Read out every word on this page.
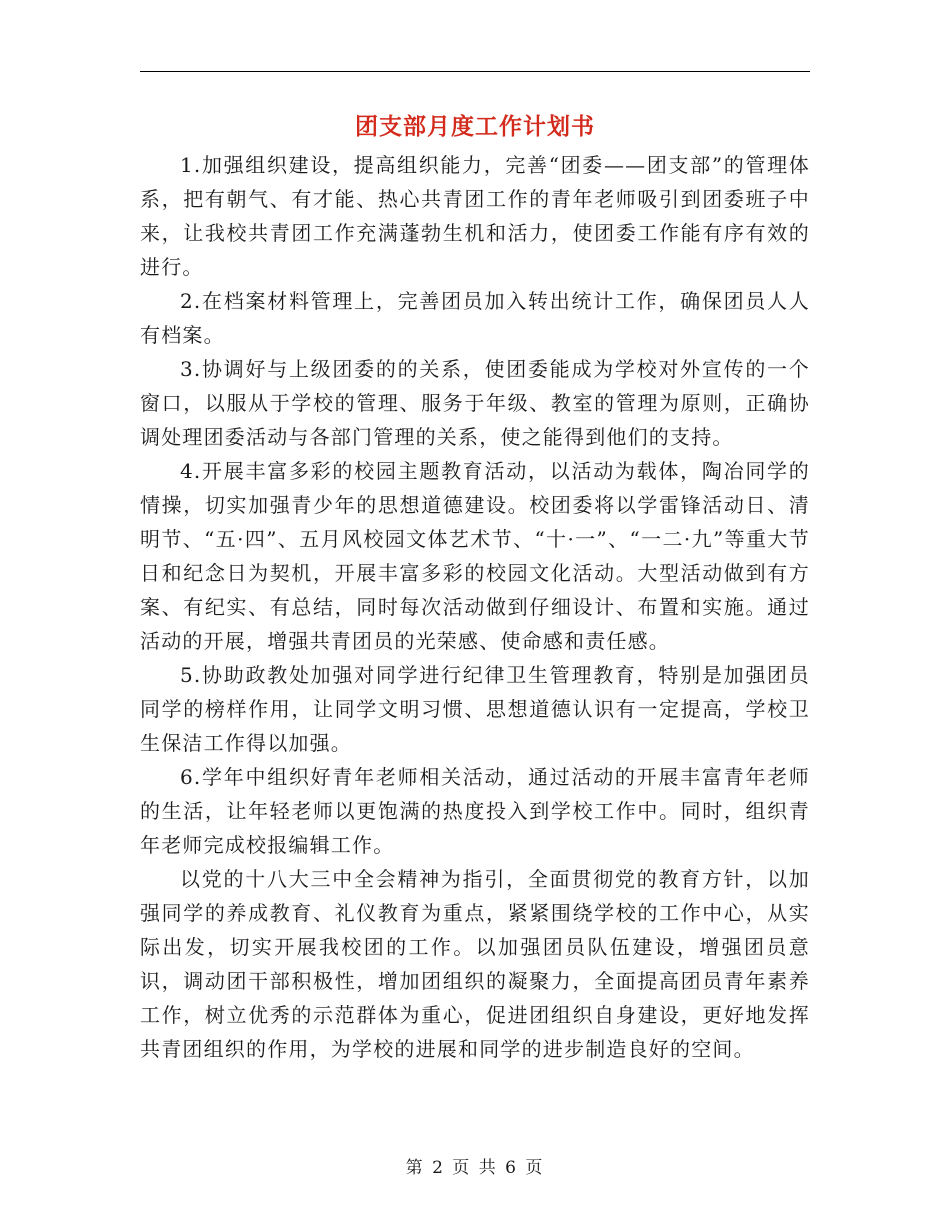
团支部月度工作计划书

1.加强组织建设，提高组织能力，完善“团委——团支部”的管理体系，把有朝气、有才能、热心共青团工作的青年老师吸引到团委班子中来，让我校共青团工作充满蓬勃生机和活力，使团委工作能有序有效的进行。

2.在档案材料管理上，完善团员加入转出统计工作，确保团员人人有档案。

3.协调好与上级团委的的关系，使团委能成为学校对外宣传的一个窗口，以服从于学校的管理、服务于年级、教室的管理为原则，正确协调处理团委活动与各部门管理的关系，使之能得到他们的支持。

4.开展丰富多彩的校园主题教育活动，以活动为载体，陶冶同学的情操，切实加强青少年的思想道德建设。校团委将以学雷锋活动日、清明节、“五·四”、五月风校园文体艺术节、“十·一”、“一二·九”等重大节日和纪念日为契机，开展丰富多彩的校园文化活动。大型活动做到有方案、有纪实、有总结，同时每次活动做到仔细设计、布置和实施。通过活动的开展，增强共青团员的光荣感、使命感和责任感。

5.协助政教处加强对同学进行纪律卫生管理教育，特别是加强团员同学的榜样作用，让同学文明习惯、思想道德认识有一定提高，学校卫生保洁工作得以加强。

6.学年中组织好青年老师相关活动，通过活动的开展丰富青年老师的生活，让年轻老师以更饱满的热度投入到学校工作中。同时，组织青年老师完成校报编辑工作。

以党的十八大三中全会精神为指引，全面贯彻党的教育方针，以加强同学的养成教育、礼仪教育为重点，紧紧围绕学校的工作中心，从实际出发，切实开展我校团的工作。以加强团员队伍建设，增强团员意识，调动团干部积极性，增加团组织的凝聚力，全面提高团员青年素养工作，树立优秀的示范群体为重心，促进团组织自身建设，更好地发挥共青团组织的作用，为学校的进展和同学的进步制造良好的空间。

第 2 页 共 6 页
